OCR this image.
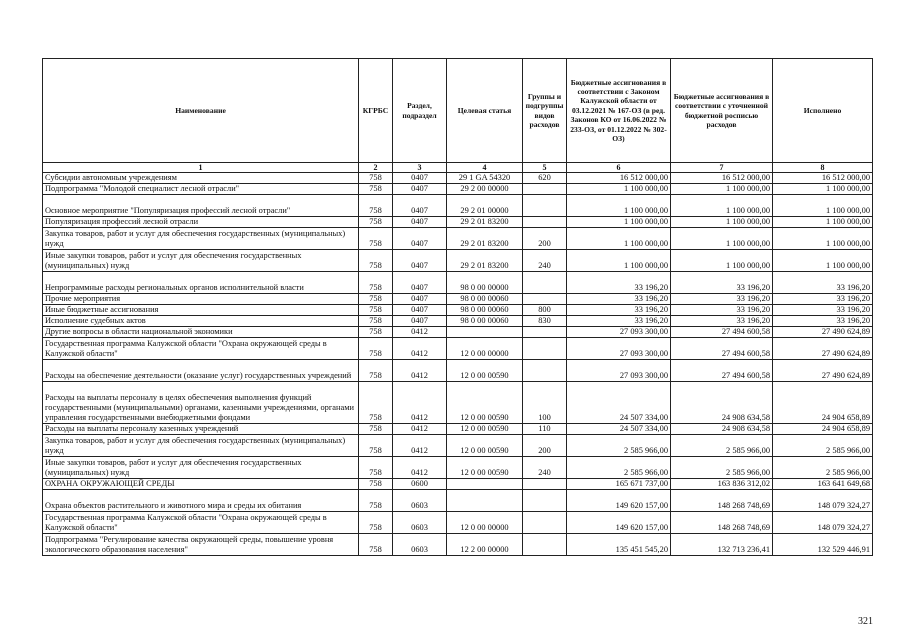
Наименование	КГРБС	Раздел, подраздел	Целевая статья	Группы и подгруппы видов расходов	Бюджетные ассигнования в соответствии с Законом Калужской области от 03.12.2021 № 167-ОЗ (в ред. Законов КО от 16.06.2022 № 233-ОЗ, от 01.12.2022 № 302-ОЗ)	Бюджетные ассигнования в соответствии с уточненной бюджетной росписью расходов	Исполнено
1	2	3	4	5	6	7	8
Субсидии автономным учреждениям	758	0407	29 1 GA 54320	620	16 512 000,00	16 512 000,00	16 512 000,00
Подпрограмма "Молодой специалист лесной отрасли"	758	0407	29 2 00 00000		1 100 000,00	1 100 000,00	1 100 000,00
Основное мероприятие "Популяризация профессий лесной отрасли"	758	0407	29 2 01 00000		1 100 000,00	1 100 000,00	1 100 000,00
Популяризация профессий лесной отрасли	758	0407	29 2 01 83200		1 100 000,00	1 100 000,00	1 100 000,00
Закупка товаров, работ и услуг для обеспечения государственных (муниципальных) нужд	758	0407	29 2 01 83200	200	1 100 000,00	1 100 000,00	1 100 000,00
Иные закупки товаров, работ и услуг для обеспечения государственных (муниципальных) нужд	758	0407	29 2 01 83200	240	1 100 000,00	1 100 000,00	1 100 000,00
Непрограммные расходы региональных органов исполнительной власти	758	0407	98 0 00 00000		33 196,20	33 196,20	33 196,20
Прочие мероприятия	758	0407	98 0 00 00060		33 196,20	33 196,20	33 196,20
Иные бюджетные ассигнования	758	0407	98 0 00 00060	800	33 196,20	33 196,20	33 196,20
Исполнение судебных актов	758	0407	98 0 00 00060	830	33 196,20	33 196,20	33 196,20
Другие вопросы в области национальной экономики	758	0412			27 093 300,00	27 494 600,58	27 490 624,89
Государственная программа Калужской области "Охрана окружающей среды в Калужской области"	758	0412	12 0 00 00000		27 093 300,00	27 494 600,58	27 490 624,89
Расходы на обеспечение деятельности (оказание услуг) государственных учреждений	758	0412	12 0 00 00590		27 093 300,00	27 494 600,58	27 490 624,89
Расходы на выплаты персоналу в целях обеспечения выполнения функций государственными (муниципальными) органами, казенными учреждениями, органами управления государственными внебюджетными фондами	758	0412	12 0 00 00590	100	24 507 334,00	24 908 634,58	24 904 658,89
Расходы на выплаты персоналу казенных учреждений	758	0412	12 0 00 00590	110	24 507 334,00	24 908 634,58	24 904 658,89
Закупка товаров, работ и услуг для обеспечения государственных (муниципальных) нужд	758	0412	12 0 00 00590	200	2 585 966,00	2 585 966,00	2 585 966,00
Иные закупки товаров, работ и услуг для обеспечения государственных (муниципальных) нужд	758	0412	12 0 00 00590	240	2 585 966,00	2 585 966,00	2 585 966,00
ОХРАНА ОКРУЖАЮЩЕЙ СРЕДЫ	758	0600			165 671 737,00	163 836 312,02	163 641 649,68
Охрана объектов растительного и животного мира и среды их обитания	758	0603			149 620 157,00	148 268 748,69	148 079 324,27
Государственная программа Калужской области "Охрана окружающей среды в Калужской области"	758	0603	12 0 00 00000		149 620 157,00	148 268 748,69	148 079 324,27
Подпрограмма "Регулирование качества окружающей среды, повышение уровня экологического образования населения"	758	0603	12 2 00 00000		135 451 545,20	132 713 236,41	132 529 446,91
321
